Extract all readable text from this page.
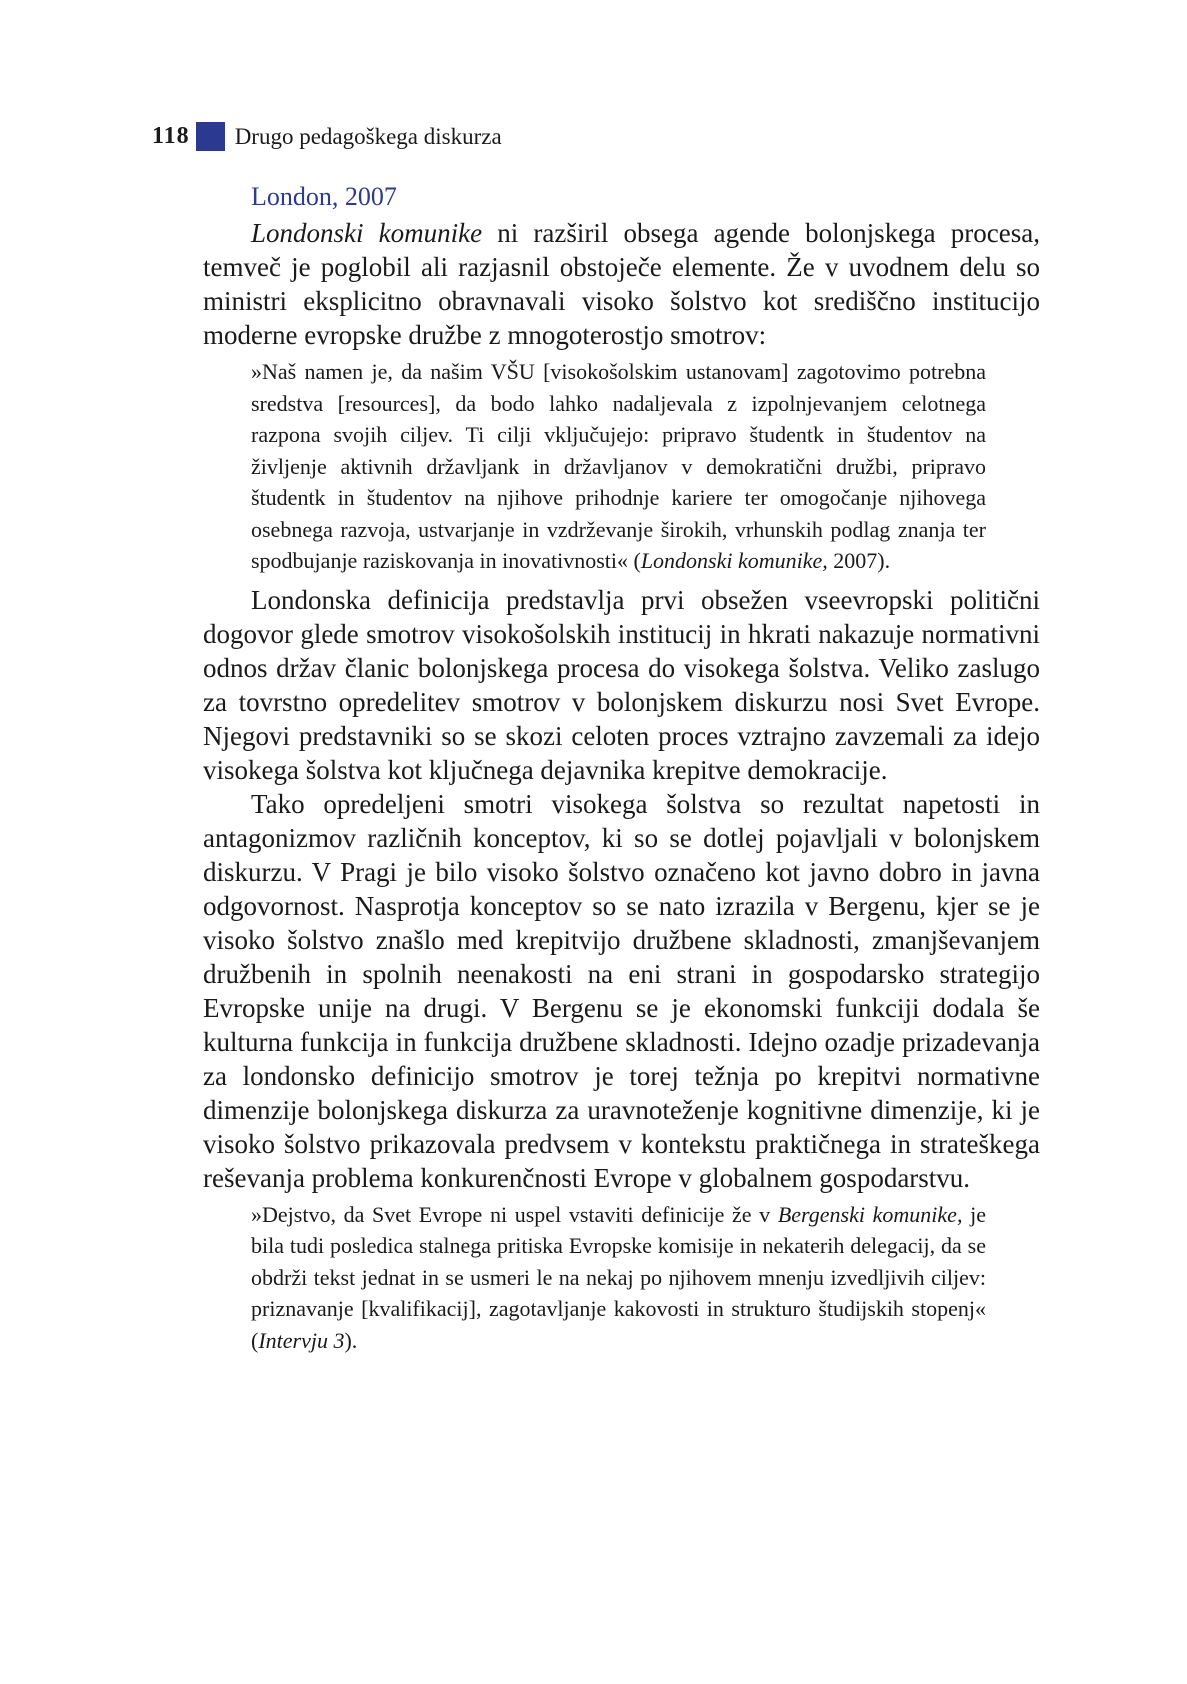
118 Drugo pedagoškega diskurza
London, 2007

Londonski komunike ni razširil obsega agende bolonjskega procesa, temveč je poglobil ali razjasnil obstoječe elemente. Že v uvodnem delu so ministri eksplicitno obravnavali visoko šolstvo kot središčno institucijo moderne evropske družbe z mnogoterostjo smotrov:

»Naš namen je, da našim VŠU [visokošolskim ustanovam] zagotovimo potrebna sredstva [resources], da bodo lahko nadaljevala z izpolnjevanjem celotnega razpona svojih ciljev. Ti cilji vključujejo: pripravo študentk in študentov na življenje aktivnih državljank in državljanov v demokratični družbi, pripravo študentk in študentov na njihove prihodnje kariere ter omogočanje njihovega osebnega razvoja, ustvarjanje in vzdrževanje širokih, vrhunskih podlag znanja ter spodbujanje raziskovanja in inovativnosti« (Londonski komunike, 2007).

Londonska definicija predstavlja prvi obsežen vseevropski politični dogovor glede smotrov visokošolskih institucij in hkrati nakazuje normativni odnos držav članic bolonjskega procesa do visokega šolstva. Veliko zaslugo za tovrstno opredelitev smotrov v bolonjskem diskurzu nosi Svet Evrope. Njegovi predstavniki so se skozi celoten proces vztrajno zavzemali za idejo visokega šolstva kot ključnega dejavnika krepitve demokracije.

Tako opredeljeni smotri visokega šolstva so rezultat napetosti in antagonizmov različnih konceptov, ki so se dotlej pojavljali v bolonjskem diskurzu. V Pragi je bilo visoko šolstvo označeno kot javno dobro in javna odgovornost. Nasprotja konceptov so se nato izrazila v Bergenu, kjer se je visoko šolstvo znašlo med krepitvijo družbene skladnosti, zmanjševanjem družbenih in spolnih neenakosti na eni strani in gospodarsko strategijo Evropske unije na drugi. V Bergenu se je ekonomski funkciji dodala še kulturna funkcija in funkcija družbene skladnosti. Idejno ozadje prizadevanja za londonsko definicijo smotrov je torej težnja po krepitvi normativne dimenzije bolonjskega diskurza za uravnoteženje kognitivne dimenzije, ki je visoko šolstvo prikazovala predvsem v kontekstu praktičnega in strateškega reševanja problema konkurenčnosti Evrope v globalnem gospodarstvu.

»Dejstvo, da Svet Evrope ni uspel vstaviti definicije že v Bergenski komunike, je bila tudi posledica stalnega pritiska Evropske komisije in nekaterih delegacij, da se obdrži tekst jednat in se usmeri le na nekaj po njihovem mnenju izvedljivih ciljev: priznavanje [kvalifikacij], zagotavljanje kakovosti in strukturo študijskih stopenj« (Intervju 3).
